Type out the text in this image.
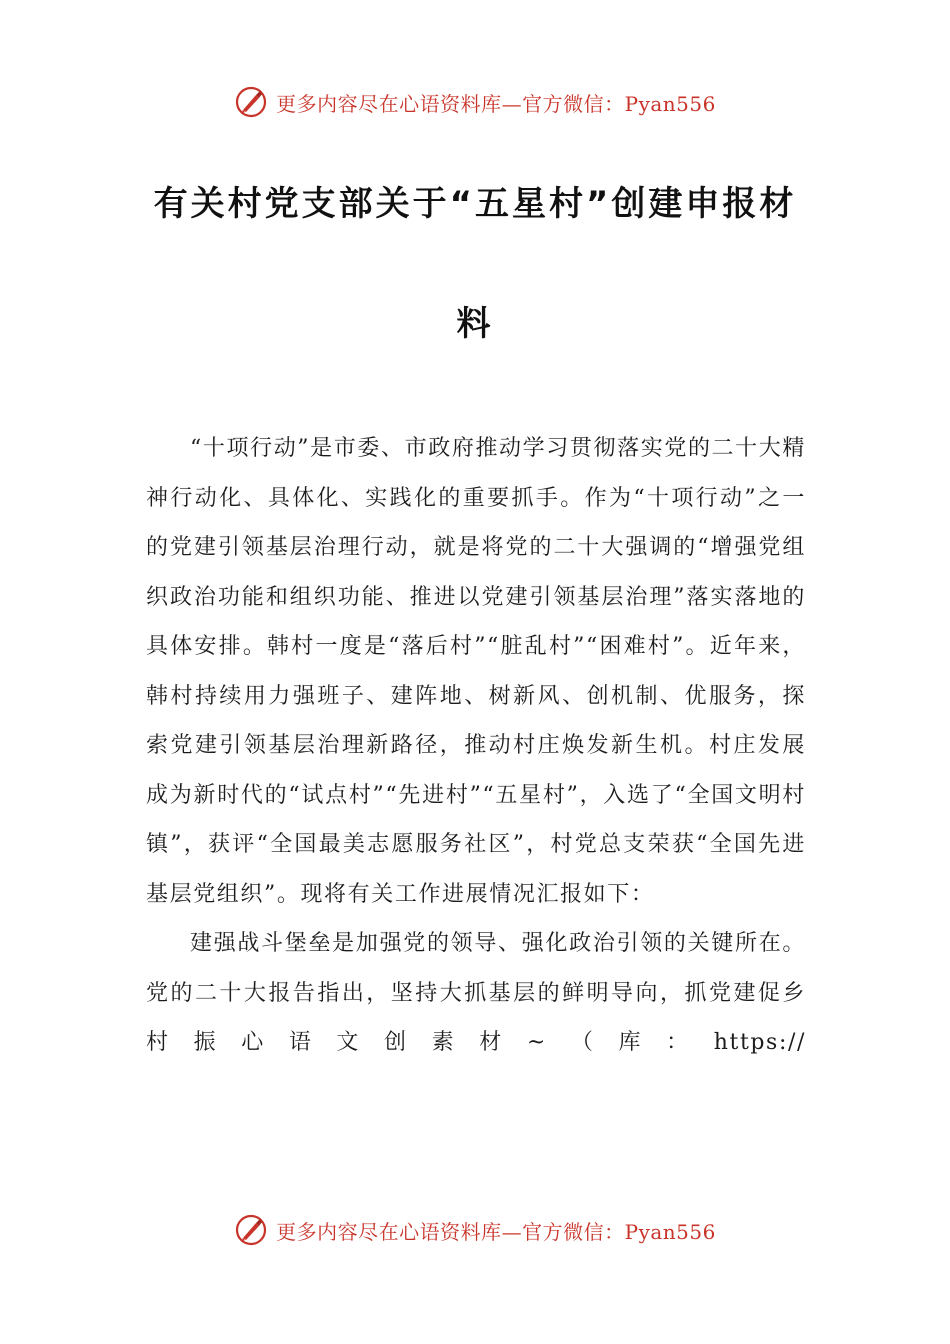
更多内容尽在心语资料库—官方微信：Pyan556
有关村党支部关于“五星村”创建申报材
料

“十项行动”是市委、市政府推动学习贯彻落实党的二十大精神行动化、具体化、实践化的重要抓手。作为“十项行动”之一的党建引领基层治理行动，就是将党的二十大强调的“增强党组织政治功能和组织功能、推进以党建引领基层治理”落实落地的具体安排。韩村一度是“落后村”“脏乱村”“困难村”。近年来，韩村持续用力强班子、建阵地、树新风、创机制、优服务，探索党建引领基层治理新路径，推动村庄焕发新生机。村庄发展成为新时代的“试点村”“先进村”“五星村”，入选了“全国文明村镇”，获评“全国最美志愿服务社区”，村党总支荣获“全国先进基层党组织”。现将有关工作进展情况汇报如下：

建强战斗堡垒是加强党的领导、强化政治引领的关键所在。党的二十大报告指出，坚持大抓基层的鲜明导向，抓党建促乡村振心语文创素材~（库：https://

更多内容尽在心语资料库—官方微信：Pyan556
